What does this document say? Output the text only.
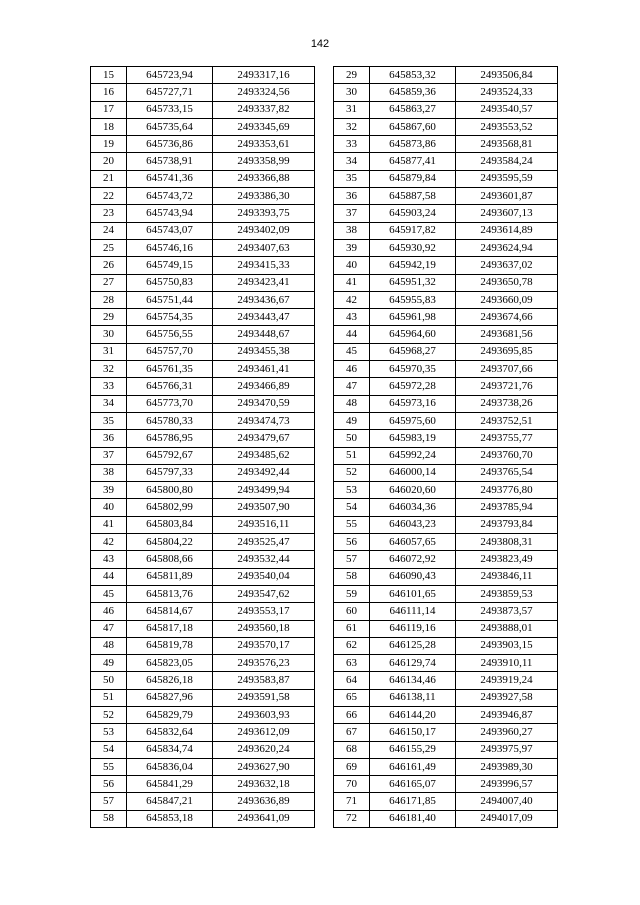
142
15	645723,94	2493317,16
16	645727,71	2493324,56
17	645733,15	2493337,82
18	645735,64	2493345,69
19	645736,86	2493353,61
20	645738,91	2493358,99
21	645741,36	2493366,88
22	645743,72	2493386,30
23	645743,94	2493393,75
24	645743,07	2493402,09
25	645746,16	2493407,63
26	645749,15	2493415,33
27	645750,83	2493423,41
28	645751,44	2493436,67
29	645754,35	2493443,47
30	645756,55	2493448,67
31	645757,70	2493455,38
32	645761,35	2493461,41
33	645766,31	2493466,89
34	645773,70	2493470,59
35	645780,33	2493474,73
36	645786,95	2493479,67
37	645792,67	2493485,62
38	645797,33	2493492,44
39	645800,80	2493499,94
40	645802,99	2493507,90
41	645803,84	2493516,11
42	645804,22	2493525,47
43	645808,66	2493532,44
44	645811,89	2493540,04
45	645813,76	2493547,62
46	645814,67	2493553,17
47	645817,18	2493560,18
48	645819,78	2493570,17
49	645823,05	2493576,23
50	645826,18	2493583,87
51	645827,96	2493591,58
52	645829,79	2493603,93
53	645832,64	2493612,09
54	645834,74	2493620,24
55	645836,04	2493627,90
56	645841,29	2493632,18
57	645847,21	2493636,89
58	645853,18	2493641,09
29	645853,32	2493506,84
30	645859,36	2493524,33
31	645863,27	2493540,57
32	645867,60	2493553,52
33	645873,86	2493568,81
34	645877,41	2493584,24
35	645879,84	2493595,59
36	645887,58	2493601,87
37	645903,24	2493607,13
38	645917,82	2493614,89
39	645930,92	2493624,94
40	645942,19	2493637,02
41	645951,32	2493650,78
42	645955,83	2493660,09
43	645961,98	2493674,66
44	645964,60	2493681,56
45	645968,27	2493695,85
46	645970,35	2493707,66
47	645972,28	2493721,76
48	645973,16	2493738,26
49	645975,60	2493752,51
50	645983,19	2493755,77
51	645992,24	2493760,70
52	646000,14	2493765,54
53	646020,60	2493776,80
54	646034,36	2493785,94
55	646043,23	2493793,84
56	646057,65	2493808,31
57	646072,92	2493823,49
58	646090,43	2493846,11
59	646101,65	2493859,53
60	646111,14	2493873,57
61	646119,16	2493888,01
62	646125,28	2493903,15
63	646129,74	2493910,11
64	646134,46	2493919,24
65	646138,11	2493927,58
66	646144,20	2493946,87
67	646150,17	2493960,27
68	646155,29	2493975,97
69	646161,49	2493989,30
70	646165,07	2493996,57
71	646171,85	2494007,40
72	646181,40	2494017,09
